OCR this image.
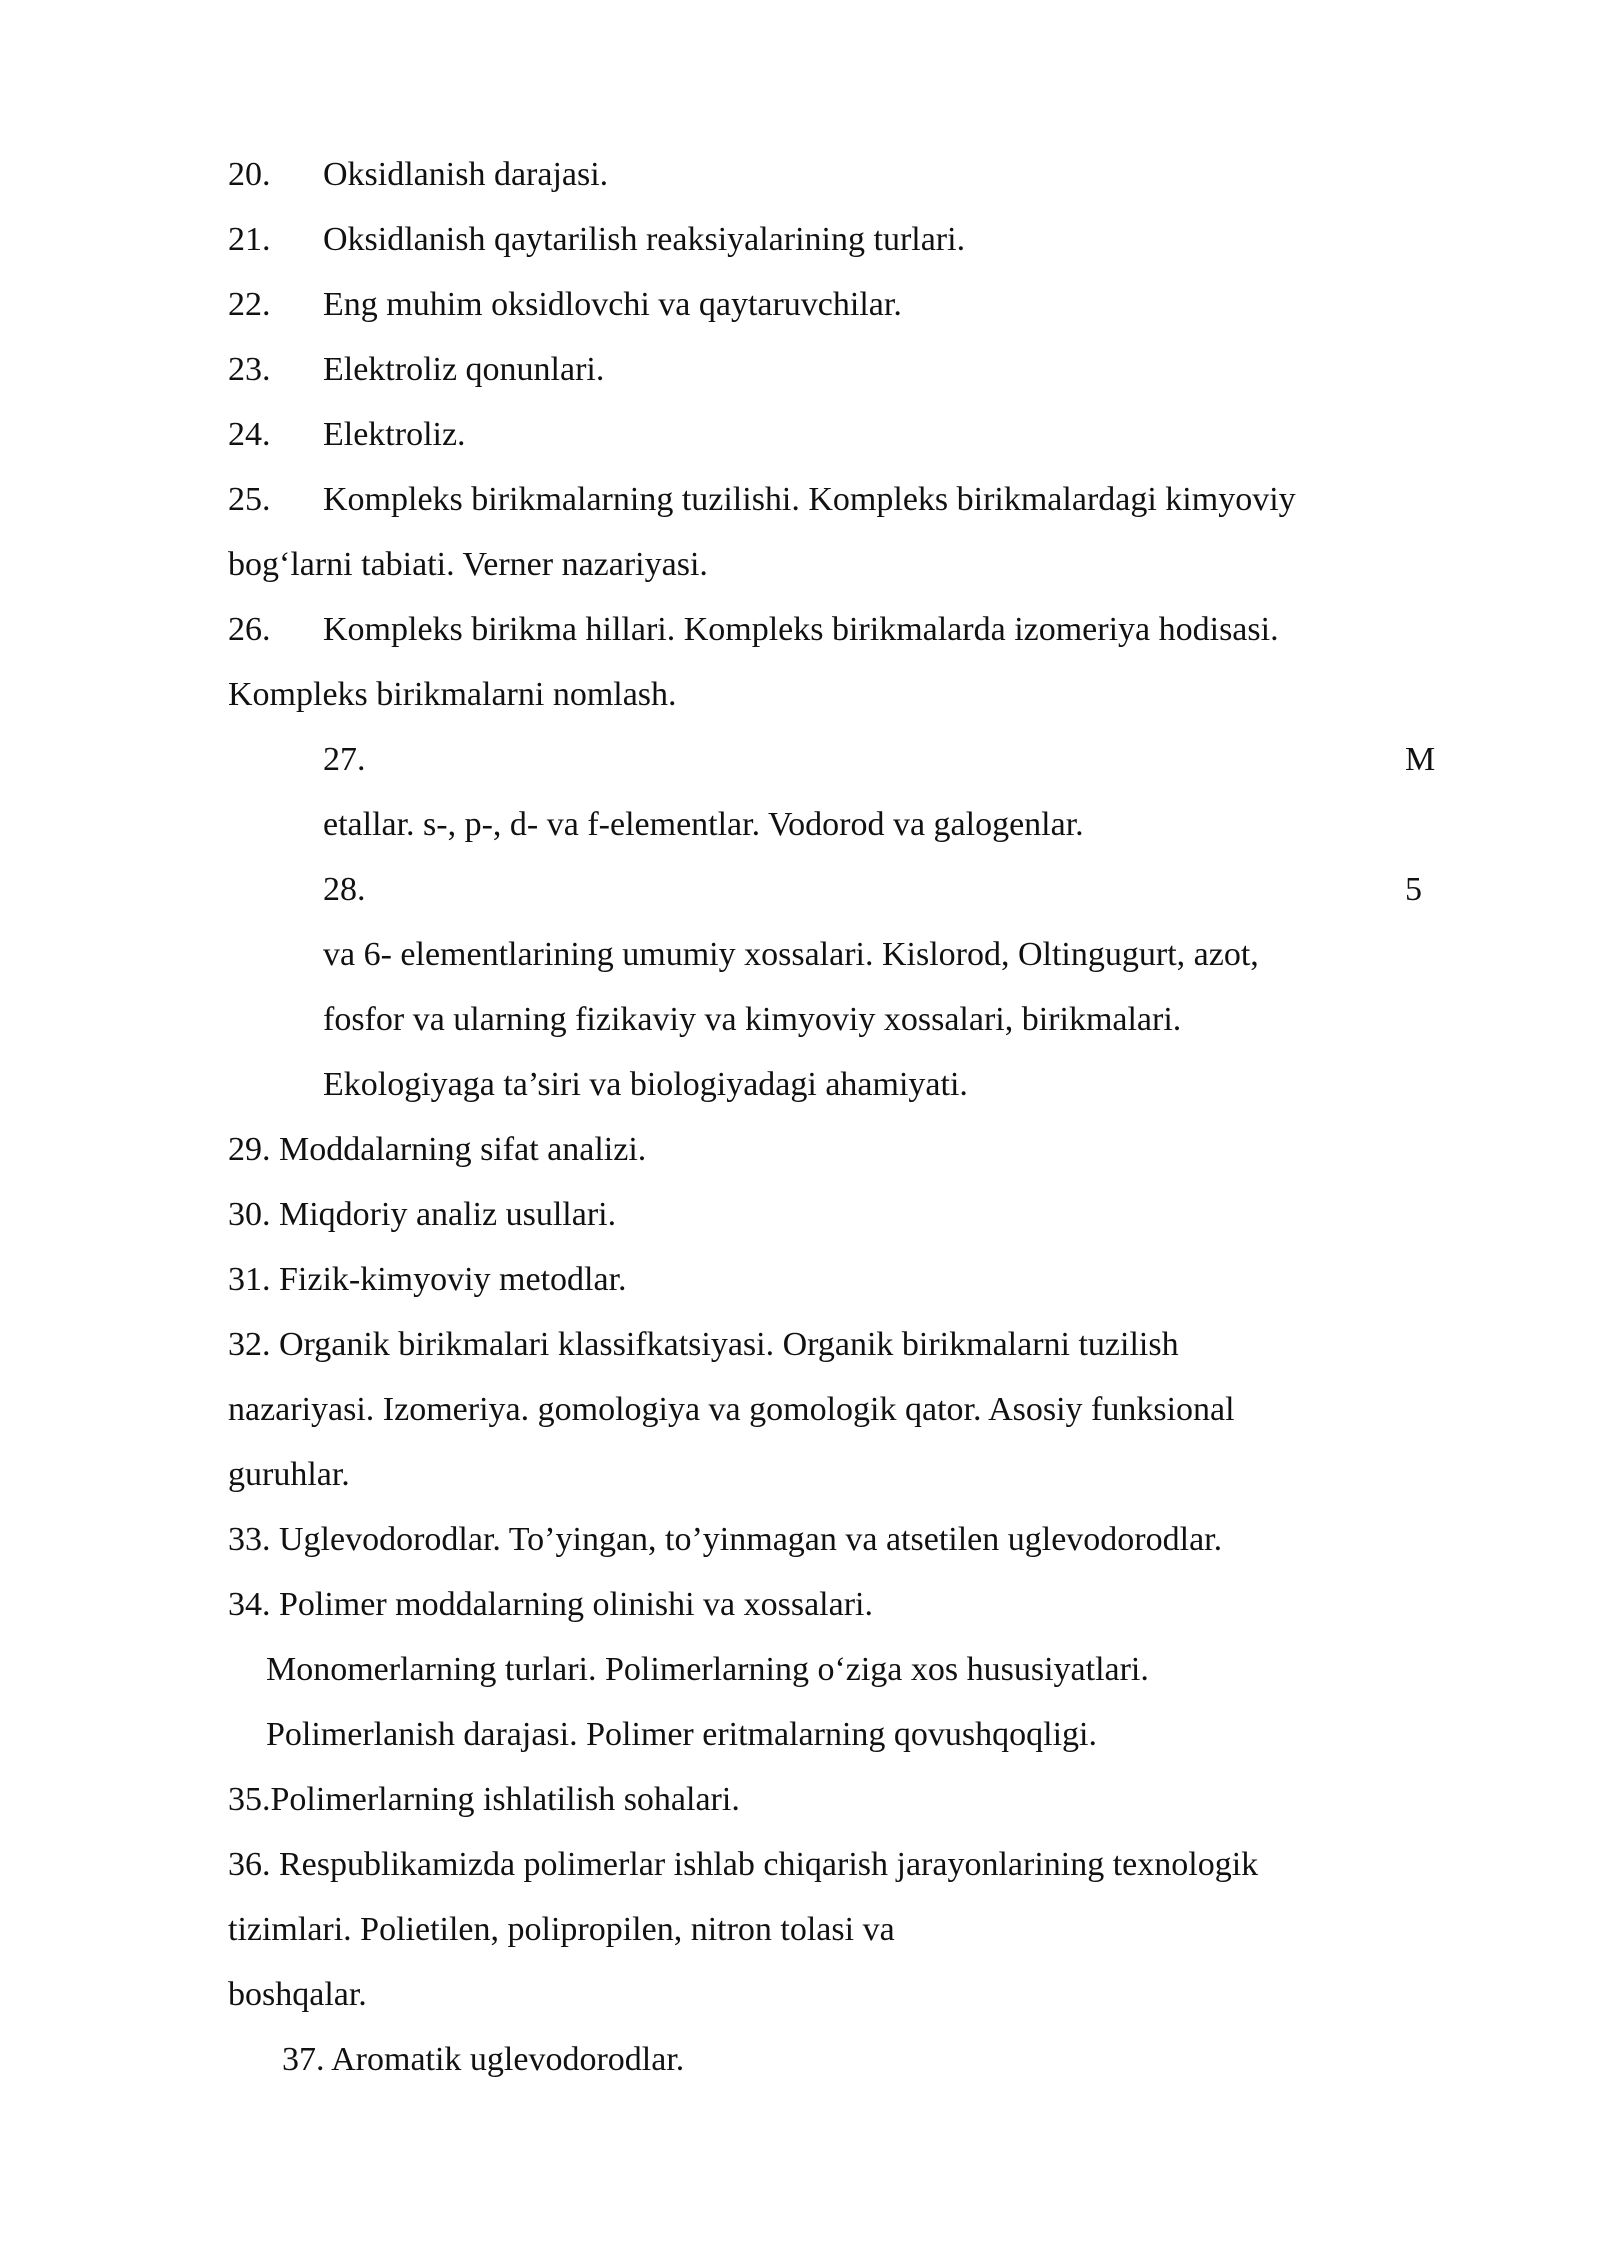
20. Oksidlanish darajasi.

21. Oksidlanish qaytarilish reaksiyalarining turlari.

22. Eng muhim oksidlovchi va qaytaruvchilar.

23. Elektroliz qonunlari.

24. Elektroliz.

25. Kompleks birikmalarning tuzilishi. Kompleks birikmalardagi kimyoviy

bog‘larni tabiati. Verner nazariyasi.

26. Kompleks birikma hillari. Kompleks birikmalarda izomeriya hodisasi.

Kompleks birikmalarni nomlash.

27.	M

etallar. s-, p-, d- va f-elementlar. Vodorod va galogenlar.

28.	5

va 6- elementlarining umumiy xossalari. Kislorod, Oltingugurt, azot,

fosfor va ularning fizikaviy va kimyoviy xossalari, birikmalari.

Ekologiyaga ta’siri va biologiyadagi ahamiyati.

29. Moddalarning sifat analizi.

30. Miqdoriy analiz usullari.

31. Fizik-kimyoviy metodlar.

32. Organik birikmalari klassifkatsiyasi. Organik birikmalarni tuzilish

nazariyasi. Izomeriya. gomologiya va gomologik qator. Asosiy funksional

guruhlar.

33. Uglevodorodlar. To’yingan, to’yinmagan va atsetilen uglevodorodlar.

34. Polimer moddalarning olinishi va xossalari.

Monomerlarning turlari. Polimerlarning o‘ziga xos hususiyatlari.

Polimerlanish darajasi. Polimer eritmalarning qovushqoqligi.

35.Polimerlarning ishlatilish sohalari.

36. Respublikamizda polimerlar ishlab chiqarish jarayonlarining texnologik

tizimlari. Polietilen, polipropilen, nitron tolasi va

boshqalar.

37. Aromatik uglevodorodlar.
